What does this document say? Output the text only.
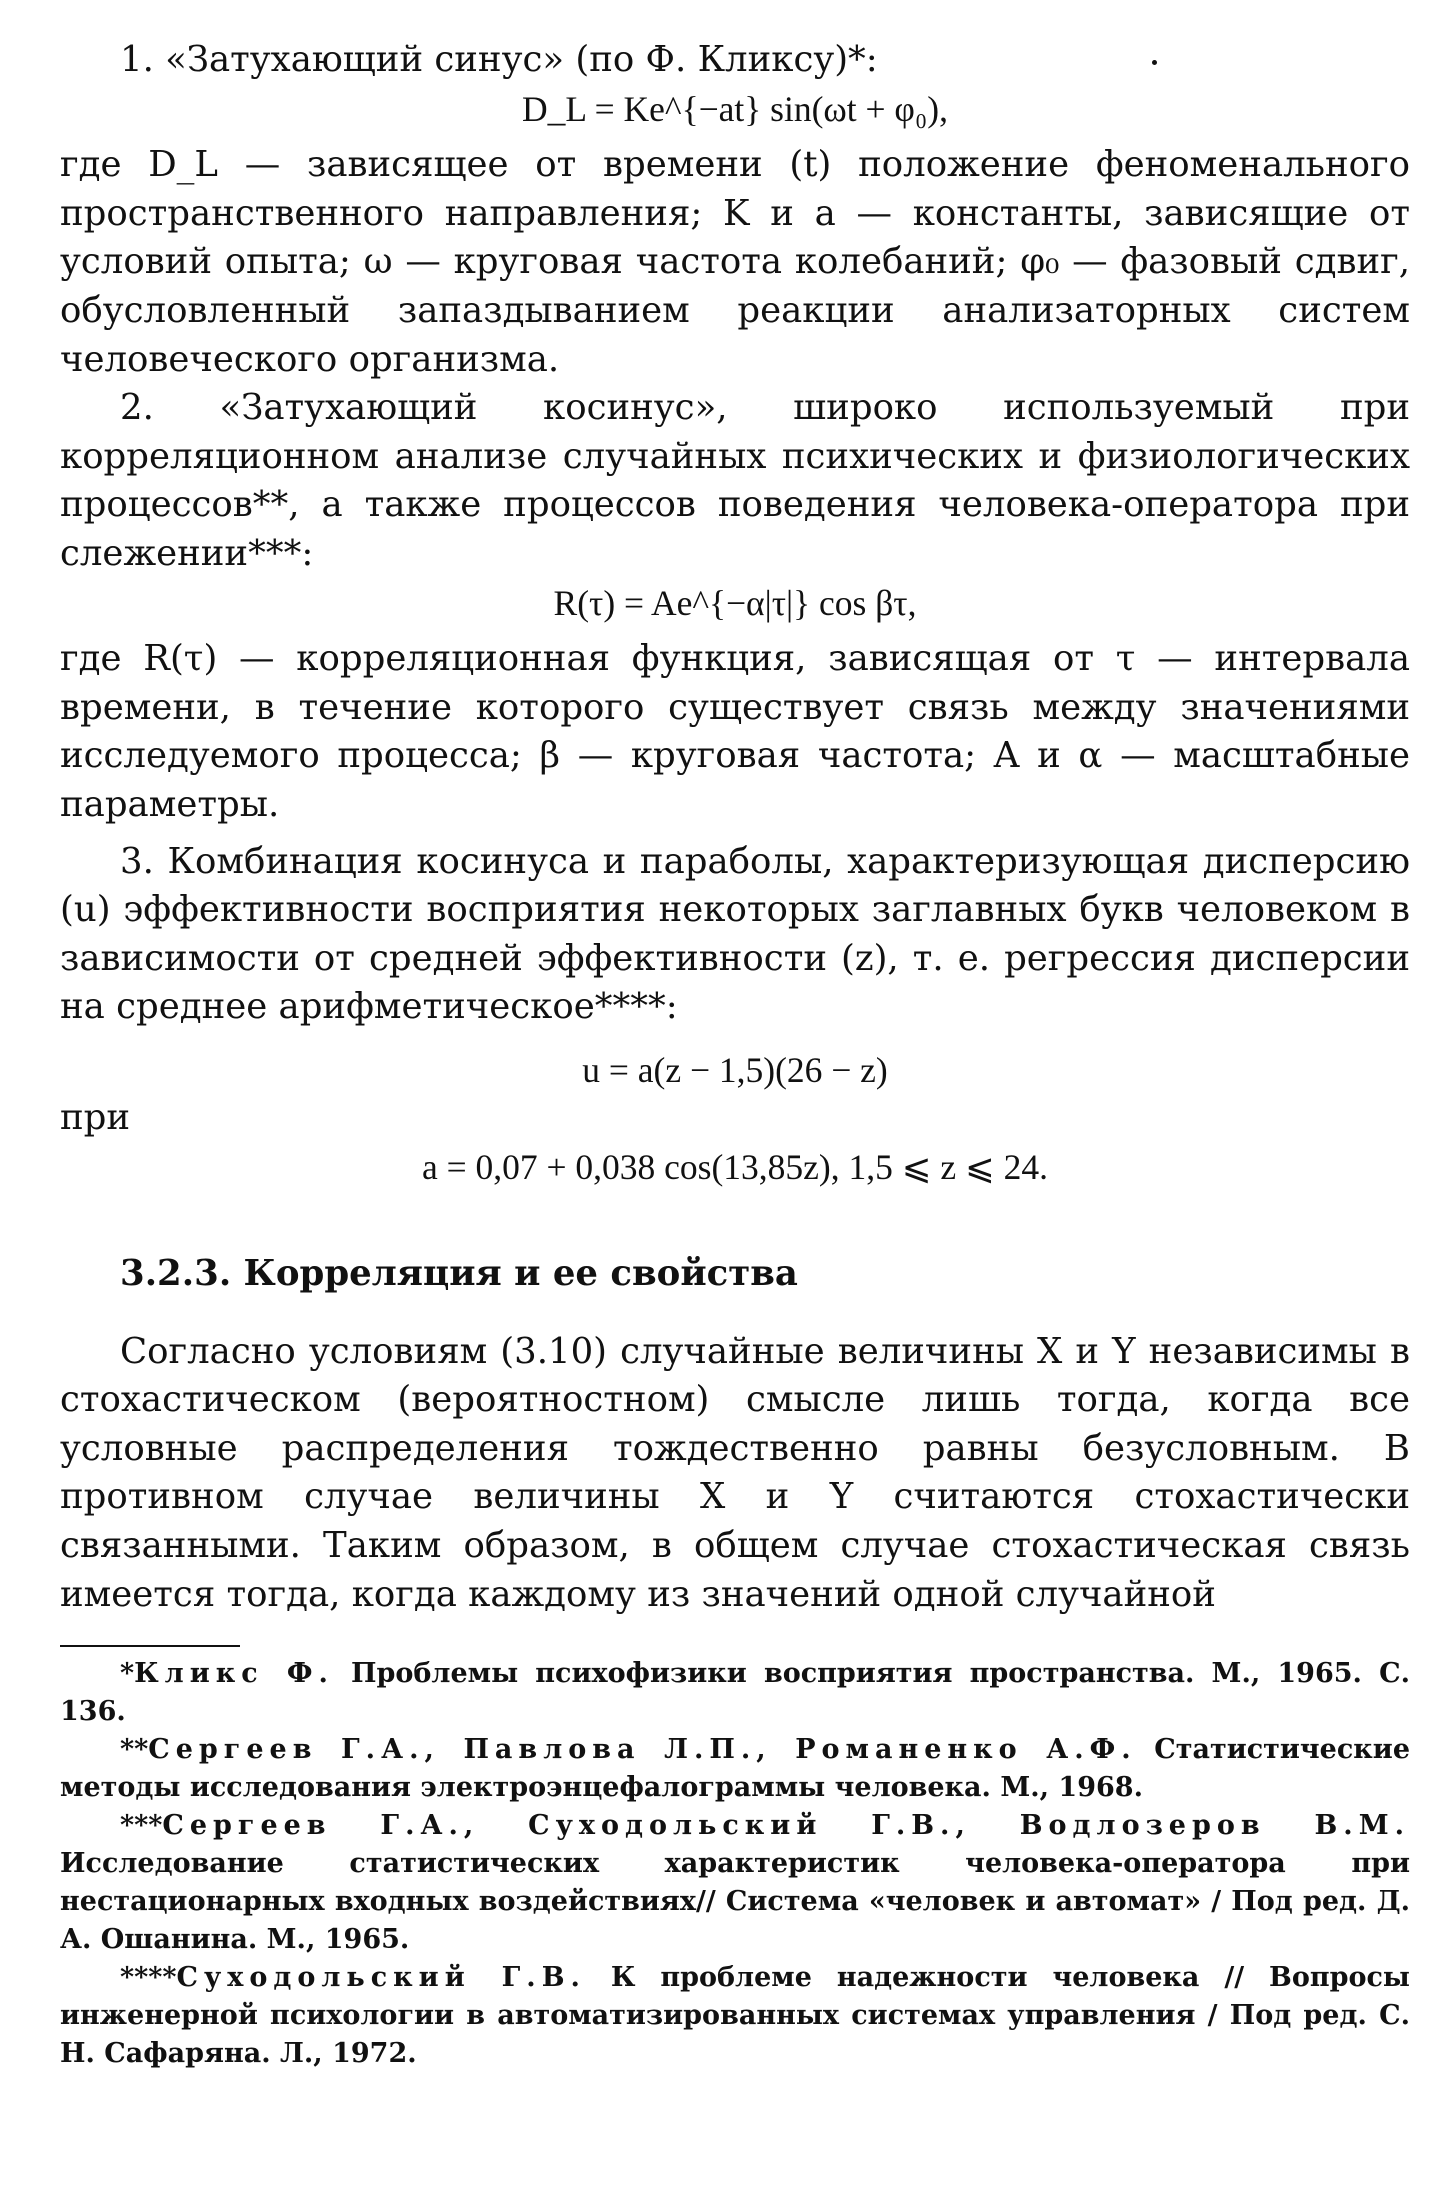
1. «Затухающий синус» (по Ф. Кликсу)*:

D_L = Ke^{−at} sin(ωt + φ₀),

где D_L — зависящее от времени (t) положение феноменального пространственного направления; K и a — константы, зависящие от условий опыта; ω — круговая частота колебаний; φ₀ — фазовый сдвиг, обусловленный запаздыванием реакции анализаторных систем человеческого организма.

2. «Затухающий косинус», широко используемый при корреляционном анализе случайных психических и физиологических процессов**, а также процессов поведения человека-оператора при слежении***:

R(τ) = Ae^{−α|τ|} cos βτ,

где R(τ) — корреляционная функция, зависящая от τ — интервала времени, в течение которого существует связь между значениями исследуемого процесса; β — круговая частота; A и α — масштабные параметры.

3. Комбинация косинуса и параболы, характеризующая дисперсию (u) эффективности восприятия некоторых заглавных букв человеком в зависимости от средней эффективности (z), т. е. регрессия дисперсии на среднее арифметическое****:

u = a(z − 1,5)(26 − z)

при

a = 0,07 + 0,038 cos(13,85z), 1,5 ⩽ z ⩽ 24.

3.2.3. Корреляция и ее свойства

Согласно условиям (3.10) случайные величины X и Y независимы в стохастическом (вероятностном) смысле лишь тогда, когда все условные распределения тождественно равны безусловным. В противном случае величины X и Y считаются стохастически связанными. Таким образом, в общем случае стохастическая связь имеется тогда, когда каждому из значений одной случайной

*Кликс Ф. Проблемы психофизики восприятия пространства. М., 1965. С. 136.

**Сергеев Г.А., Павлова Л.П., Романенко А.Ф. Статистические методы исследования электроэнцефалограммы человека. М., 1968.

***Сергеев Г.А., Суходольский Г.В., Водлозеров В.М. Исследование статистических характеристик человека-оператора при нестационарных входных воздействиях// Система «человек и автомат» / Под ред. Д. А. Ошанина. М., 1965.

****Суходольский Г.В. К проблеме надежности человека // Вопросы инженерной психологии в автоматизированных системах управления / Под ред. С. Н. Сафаряна. Л., 1972.
